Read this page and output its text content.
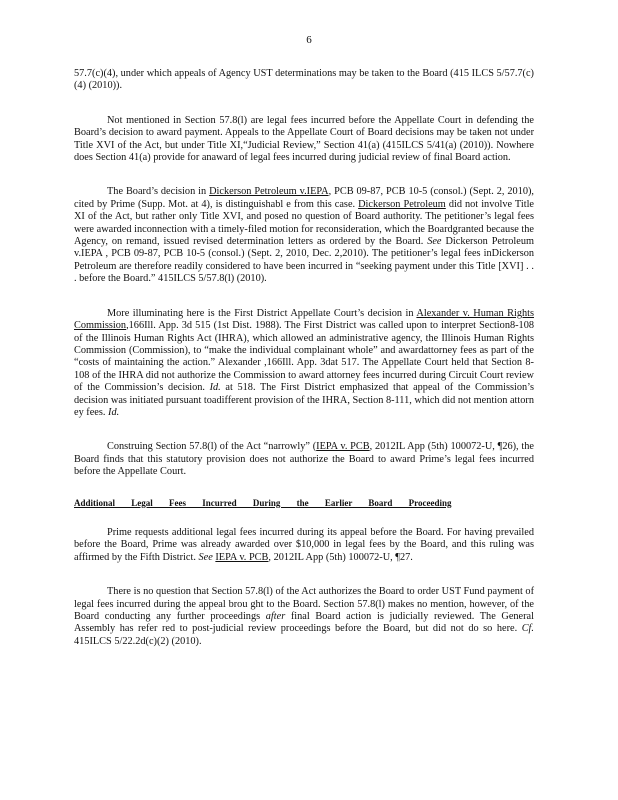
6

57.7(c)(4), under which appeals of Agency UST determinations may be taken to the Board (415 ILCS 5/57.7(c)(4) (2010)).

Not mentioned in Section 57.8(l) are legal fees incurred before the Appellate Court in defending the Board’s decision to award payment. Appeals to the Appellate Court of Board decisions may be taken not under Title XVI of the Act, but under Title XI,“Judicial Review,” Section 41(a) (415ILCS 5/41(a) (2010)). Nowhere does Section 41(a) provide for anaward of legal fees incurred during judicial review of final Board action.

The Board’s decision in Dickerson Petroleum v.IEPA, PCB 09-87, PCB 10-5 (consol.) (Sept. 2, 2010), cited by Prime (Supp. Mot. at 4), is distinguishabl e from this case. Dickerson Petroleum did not involve Title XI of the Act, but rather only Title XVI, and posed no question of Board authority. The petitioner’s legal fees were awarded inconnection with a timely-filed motion for reconsideration, which the Boardgranted because the Agency, on remand, issued revised determination letters as ordered by the Board. See Dickerson Petroleum v.IEPA , PCB 09-87, PCB 10-5 (consol.) (Sept. 2, 2010, Dec. 2,2010). The petitioner’s legal fees inDickerson Petroleum are therefore readily considered to have been incurred in “seeking payment under this Title [XVI] . . . before the Board.” 415ILCS 5/57.8(l) (2010).

More illuminating here is the First District Appellate Court’s decision in Alexander v. Human Rights Commission,166Ill. App. 3d 515 (1st Dist. 1988). The First District was called upon to interpret Section8-108 of the Illinois Human Rights Act (IHRA), which allowed an administrative agency, the Illinois Human Rights Commission (Commission), to “make the individual complainant whole” and awardattorney fees as part of the “costs of maintaining the action.” Alexander ,166Ill. App. 3dat 517. The Appellate Court held that Section 8-108 of the IHRA did not authorize the Commission to award attorney fees incurred during Circuit Court review of the Commission’s decision. Id. at 518. The First District emphasized that appeal of the Commission’s decision was initiated pursuant toadifferent provision of the IHRA, Section 8-111, which did not mention attorn ey fees. Id.

Construing Section 57.8(l) of the Act “narrowly” (IEPA v. PCB, 2012IL App (5th) 100072-U, ¶26), the Board finds that this statutory provision does not authorize the Board to award Prime’s legal fees incurred before the Appellate Court.

Additional Legal Fees Incurred During the Earlier Board Proceeding

Prime requests additional legal fees incurred during its appeal before the Board. For having prevailed before the Board, Prime was already awarded over $10,000 in legal fees by the Board, and this ruling was affirmed by the Fifth District. See IEPA v. PCB, 2012IL App (5th) 100072-U, ¶27.

There is no question that Section 57.8(l) of the Act authorizes the Board to order UST Fund payment of legal fees incurred during the appeal brou ght to the Board. Section 57.8(l) makes no mention, however, of the Board conducting any further proceedings after final Board action is judicially reviewed. The General Assembly has refer red to post-judicial review proceedings before the Board, but did not do so here. Cf. 415ILCS 5/22.2d(c)(2) (2010).
